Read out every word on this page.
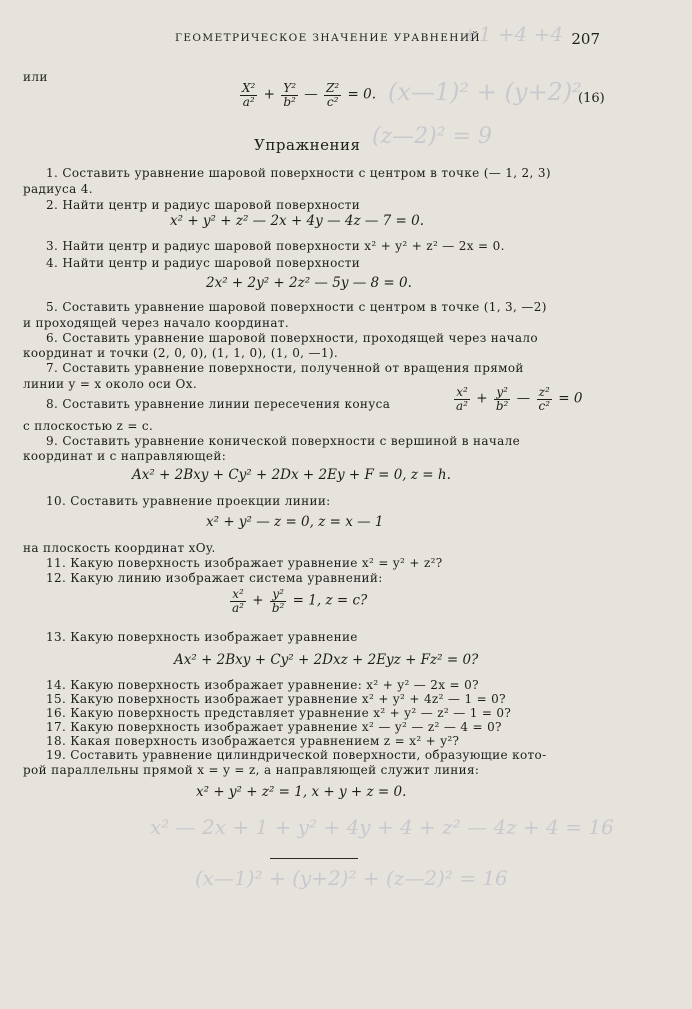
+1 +4 +4
(x—1)² + (y+2)²
(z—2)² = 9
x² — 2x + 1 + y² + 4y + 4 + z² — 4z + 4 = 16
(x—1)² + (y+2)² + (z—2)² = 16
ГЕОМЕТРИЧЕСКОЕ ЗНАЧЕНИЕ УРАВНЕНИЙ	207
или
$\frac{\text{X²}}{\text{a²}} + \frac{\text{Y²}}{\text{b²}}$ — $\frac{\text{Z²}}{\text{c²}} = 0$.	(16)
Упражнения
1. Составить уравнение шаровой поверхности с центром в точке (— 1, 2, 3)
радиуса 4.
2. Найти центр и радиус шаровой поверхности
x² + y² + z² — 2x + 4y — 4z — 7 = 0.
3. Найти центр и радиус шаровой поверхности x² + y² + z² — 2x = 0.
4. Найти центр и радиус шаровой поверхности
2x² + 2y² + 2z² — 5y — 8 = 0.
5. Составить уравнение шаровой поверхности с центром в точке (1, 3, —2)
и проходящей через начало координат.
6. Составить уравнение шаровой поверхности, проходящей через начало
координат и точки (2, 0, 0), (1, 1, 0), (1, 0, —1).
7. Составить уравнение поверхности, полученной от вращения прямой
линии y = x около оси Ox.
8. Составить уравнение линии пересечения конуса	$\frac{\text{x²}}{\text{a²}} + \frac{\text{y²}}{\text{b²}}$ — $\frac{\text{z²}}{\text{c²}} = 0$
с плоскостью z = c.
9. Составить уравнение конической поверхности с вершиной в начале
координат и с направляющей:
Ax² + 2Bxy + Cy² + 2Dx + 2Ey + F = 0, z = h.
10. Составить уравнение проекции линии:
x² + y² — z = 0, z = x — 1
на плоскость координат xOy.
11. Какую поверхность изображает уравнение x² = y² + z²?
12. Какую линию изображает система уравнений:
$\frac{\text{x²}}{\text{a²}} + \frac{\text{y²}}{\text{b²}} = 1$, z = c?
13. Какую поверхность изображает уравнение
Ax² + 2Bxy + Cy² + 2Dxz + 2Eyz + Fz² = 0?
14. Какую поверхность изображает уравнение: x² + y² — 2x = 0?
15. Какую поверхность изображает уравнение x² + y² + 4z² — 1 = 0?
16. Какую поверхность представляет уравнение x² + y² — z² — 1 = 0?
17. Какую поверхность изображает уравнение x² — y² — z² — 4 = 0?
18. Какая поверхность изображается уравнением z = x² + y²?
19. Составить уравнение цилиндрической поверхности, образующие кото-
рой параллельны прямой x = y = z, а направляющей служит линия:
x² + y² + z² = 1, x + y + z = 0.
